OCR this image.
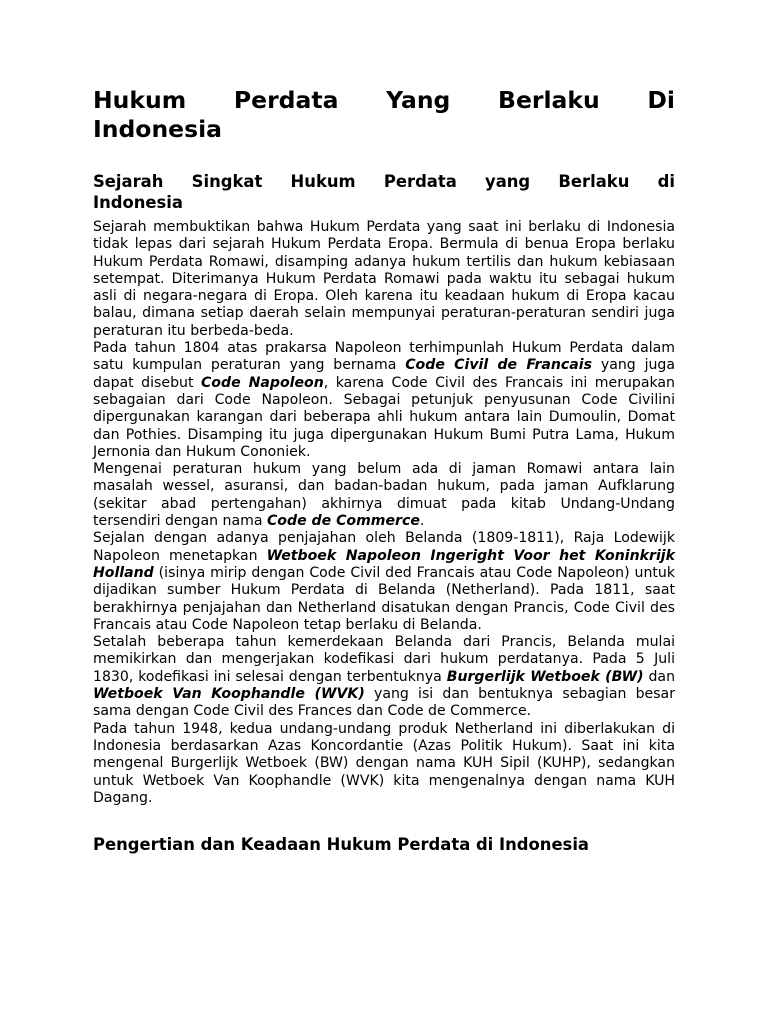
Hukum Perdata Yang Berlaku Di
Indonesia
Sejarah Singkat Hukum Perdata yang Berlaku di
Indonesia

Sejarah membuktikan bahwa Hukum Perdata yang saat ini berlaku di Indonesia tidak lepas dari sejarah Hukum Perdata Eropa. Bermula di benua Eropa berlaku Hukum Perdata Romawi, disamping adanya hukum tertilis dan hukum kebiasaan setempat. Diterimanya Hukum Perdata Romawi pada waktu itu sebagai hukum asli di negara-negara di Eropa. Oleh karena itu keadaan hukum di Eropa kacau balau, dimana setiap daerah selain mempunyai peraturan-peraturan sendiri juga peraturan itu berbeda-beda.

Pada tahun 1804 atas prakarsa Napoleon terhimpunlah Hukum Perdata dalam satu kumpulan peraturan yang bernama Code Civil de Francais yang juga dapat disebut Code Napoleon, karena Code Civil des Francais ini merupakan sebagaian dari Code Napoleon. Sebagai petunjuk penyusunan Code Civilini dipergunakan karangan dari beberapa ahli hukum antara lain Dumoulin, Domat dan Pothies. Disamping itu juga dipergunakan Hukum Bumi Putra Lama, Hukum Jernonia dan Hukum Cononiek.

Mengenai peraturan hukum yang belum ada di jaman Romawi antara lain masalah wessel, asuransi, dan badan-badan hukum, pada jaman Aufklarung (sekitar abad pertengahan) akhirnya dimuat pada kitab Undang-Undang tersendiri dengan nama Code de Commerce.

Sejalan dengan adanya penjajahan oleh Belanda (1809-1811), Raja Lodewijk Napoleon menetapkan Wetboek Napoleon Ingeright Voor het Koninkrijk Holland (isinya mirip dengan Code Civil ded Francais atau Code Napoleon) untuk dijadikan sumber Hukum Perdata di Belanda (Netherland). Pada 1811, saat berakhirnya penjajahan dan Netherland disatukan dengan Prancis, Code Civil des Francais atau Code Napoleon tetap berlaku di Belanda.

Setalah beberapa tahun kemerdekaan Belanda dari Prancis, Belanda mulai memikirkan dan mengerjakan kodefikasi dari hukum perdatanya. Pada 5 Juli 1830, kodefikasi ini selesai dengan terbentuknya Burgerlijk Wetboek (BW) dan Wetboek Van Koophandle (WVK) yang isi dan bentuknya sebagian besar sama dengan Code Civil des Frances dan Code de Commerce.

Pada tahun 1948, kedua undang-undang produk Netherland ini diberlakukan di Indonesia berdasarkan Azas Koncordantie (Azas Politik Hukum). Saat ini kita mengenal Burgerlijk Wetboek (BW) dengan nama KUH Sipil (KUHP), sedangkan untuk Wetboek Van Koophandle (WVK) kita mengenalnya dengan nama KUH Dagang.

Pengertian dan Keadaan Hukum Perdata di Indonesia
